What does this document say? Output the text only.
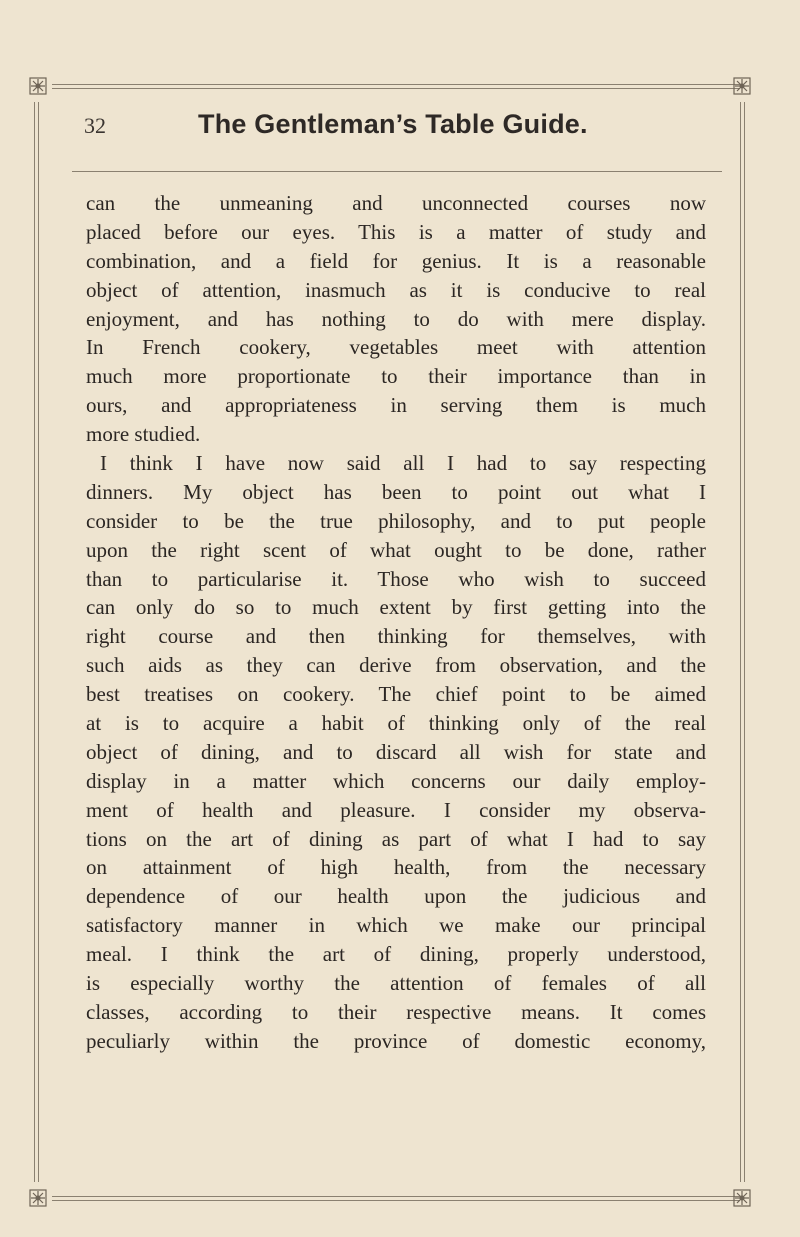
32	The Gentleman’s Table Guide.
can the unmeaning and unconnected courses now
placed before our eyes. This is a matter of study and
combination, and a field for genius. It is a reasonable
object of attention, inasmuch as it is conducive to real
enjoyment, and has nothing to do with mere display.
In French cookery, vegetables meet with attention
much more proportionate to their importance than in
ours, and appropriateness in serving them is much
more studied.
I think I have now said all I had to say respecting
dinners. My object has been to point out what I
consider to be the true philosophy, and to put people
upon the right scent of what ought to be done, rather
than to particularise it. Those who wish to succeed
can only do so to much extent by first getting into the
right course and then thinking for themselves, with
such aids as they can derive from observation, and the
best treatises on cookery. The chief point to be aimed
at is to acquire a habit of thinking only of the real
object of dining, and to discard all wish for state and
display in a matter which concerns our daily employ-
ment of health and pleasure. I consider my observa-
tions on the art of dining as part of what I had to say
on attainment of high health, from the necessary
dependence of our health upon the judicious and
satisfactory manner in which we make our principal
meal. I think the art of dining, properly understood,
is especially worthy the attention of females of all
classes, according to their respective means. It comes
peculiarly within the province of domestic economy,
